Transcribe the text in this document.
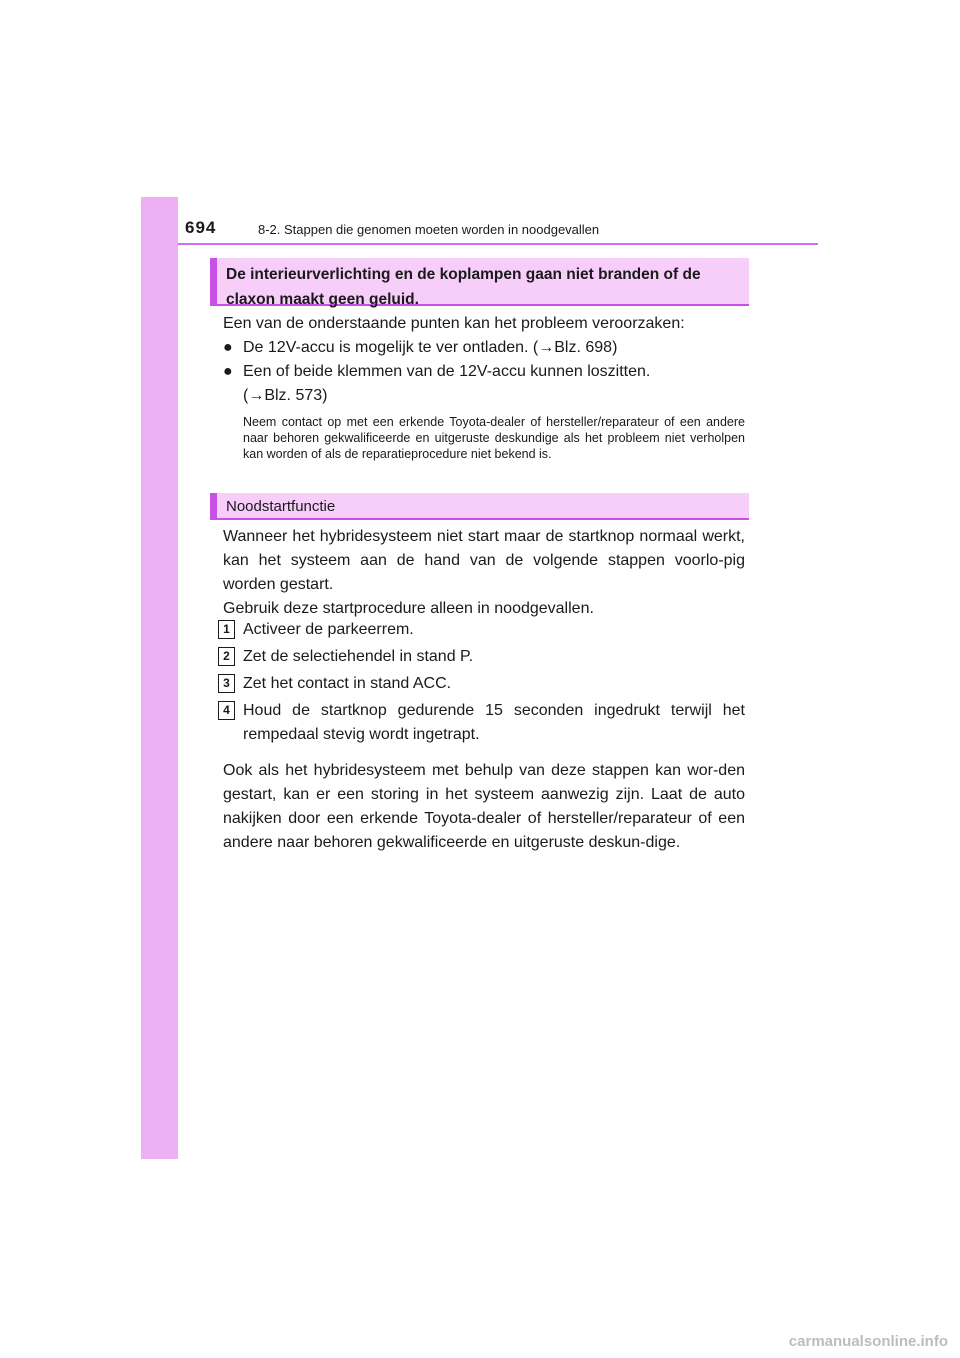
694	8-2. Stappen die genomen moeten worden in noodgevallen
De interieurverlichting en de koplampen gaan niet branden of de
claxon maakt geen geluid.
Een van de onderstaande punten kan het probleem veroorzaken:
● De 12V-accu is mogelijk te ver ontladen. (→Blz. 698)
● Een of beide klemmen van de 12V-accu kunnen loszitten.
(→Blz. 573)
Neem contact op met een erkende Toyota-dealer of hersteller/reparateur of een andere naar behoren gekwalificeerde en uitgeruste deskundige als het probleem niet verholpen kan worden of als de reparatieprocedure niet bekend is.
Noodstartfunctie
Wanneer het hybridesysteem niet start maar de startknop normaal werkt, kan het systeem aan de hand van de volgende stappen voorlo-pig worden gestart.
Gebruik deze startprocedure alleen in noodgevallen.
1 Activeer de parkeerrem.
2 Zet de selectiehendel in stand P.
3 Zet het contact in stand ACC.
4 Houd de startknop gedurende 15 seconden ingedrukt terwijl het rempedaal stevig wordt ingetrapt.
Ook als het hybridesysteem met behulp van deze stappen kan wor-den gestart, kan er een storing in het systeem aanwezig zijn. Laat de auto nakijken door een erkende Toyota-dealer of hersteller/reparateur of een andere naar behoren gekwalificeerde en uitgeruste deskun-dige.
carmanualsonline.info
